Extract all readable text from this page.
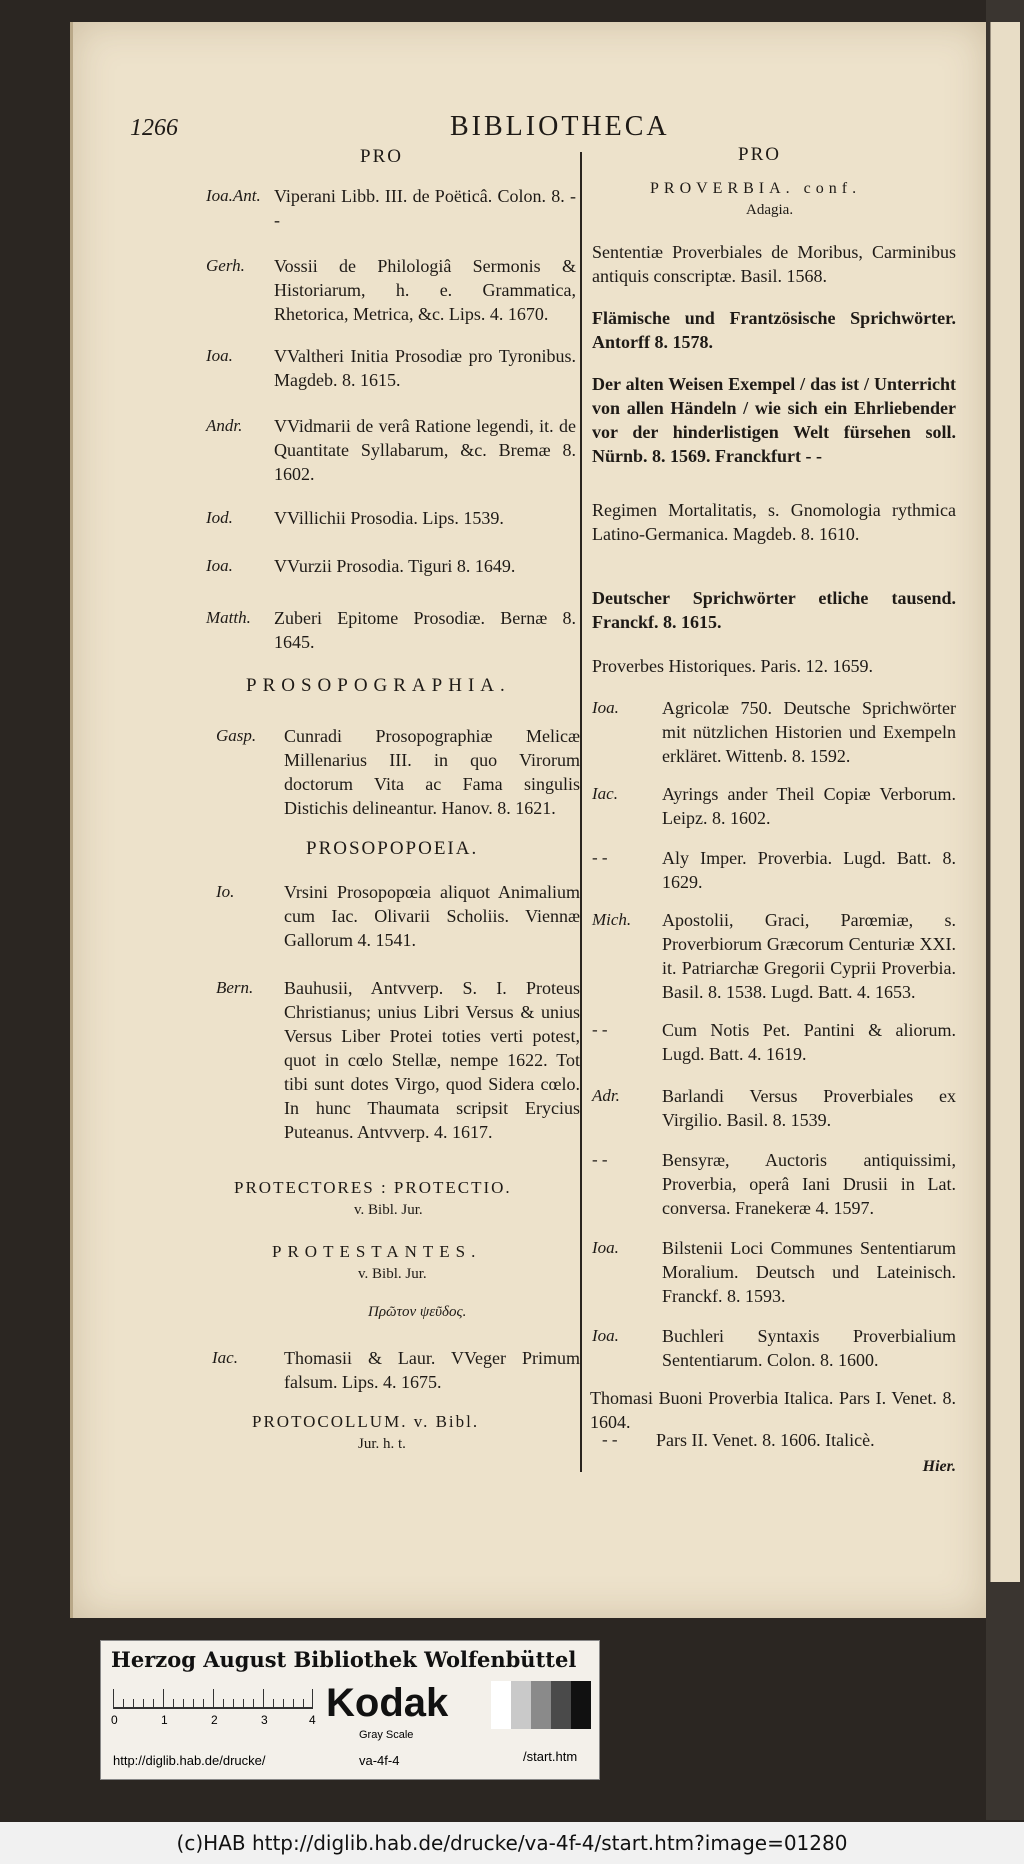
1266	BIBLIOTHECA
PRO
Ioa.Ant. Viperani Libb. III. de Poëticâ. Colon. 8. - -
Gerh. Vossii de Philologiâ Sermonis & Historiarum, h. e. Grammatica, Rhetorica, Metrica, &c. Lips. 4. 1670.
Ioa. VValtheri Initia Prosodiæ pro Tyronibus. Magdeb. 8. 1615.
Andr. VVidmarii de verâ Ratione legendi, it. de Quantitate Syllabarum, &c. Bremæ 8. 1602.
Iod. VVillichii Prosodia. Lips. 1539.
Ioa. VVurzii Prosodia. Tiguri 8. 1649.
Matth. Zuberi Epitome Prosodiæ. Bernæ 8. 1645.
PROSOPOGRAPHIA.
Gasp. Cunradi Prosopographiæ Melicæ Millenarius III. in quo Virorum doctorum Vita ac Fama singulis Distichis delineantur. Hanov. 8. 1621.
PROSOPOPOEIA.
Io.	Vrsini Prosopopœia aliquot Animalium cum Iac. Olivarii Scholiis. Viennæ Gallorum 4. 1541.
Bern. Bauhusii, Antvverp. S. I. Proteus Christianus; unius Libri Versus & unius Versus Liber Protei toties verti potest, quot in cœlo Stellæ, nempe 1622. Tot tibi sunt dotes Virgo, quod Sidera cœlo. In hunc Thaumata scripsit Erycius Puteanus. Antvverp. 4. 1617.
PROTECTORES : PROTECTIO.
v. Bibl. Jur.
PROTESTANTES.
v. Bibl. Jur.
Πρῶτον ψεῦδος.
Iac.	Thomasii & Laur. VVeger Primum falsum. Lips. 4. 1675.
PROTOCOLLUM. v. Bibl.
Jur. h. t.
PRO
PROVERBIA. conf.
Adagia.
Sententiæ Proverbiales de Moribus, Carminibus antiquis conscriptæ. Basil. 1568.
Flämische und Frantzösische Sprichwörter. Antorff 8. 1578.
Der alten Weisen Exempel / das ist / Unterricht von allen Händeln / wie sich ein Ehrliebender vor der hinderlistigen Welt fürsehen soll. Nürnb. 8. 1569. Franckfurt - -
Regimen Mortalitatis, s. Gnomologia rythmica Latino-Germanica. Magdeb. 8. 1610.
Deutscher Sprichwörter etliche tausend. Franckf. 8. 1615.
Proverbes Historiques. Paris. 12. 1659.
Ioa. Agricolæ 750. Deutsche Sprichwörter mit nützlichen Historien und Exempeln erkläret. Wittenb. 8. 1592.
Iac. Ayrings ander Theil Copiæ Verborum. Leipz. 8. 1602.
- -	Aly Imper. Proverbia. Lugd. Batt. 8. 1629.
Mich. Apostolii, Graci, Parœmiæ, s. Proverbiorum Græcorum Centuriæ XXI. it. Patriarchæ Gregorii Cyprii Proverbia. Basil. 8. 1538. Lugd. Batt. 4. 1653.
- -	Cum Notis Pet. Pantini & aliorum. Lugd. Batt. 4. 1619.
Adr. Barlandi Versus Proverbiales ex Virgilio. Basil. 8. 1539.
- -	Bensyræ, Auctoris antiquissimi, Proverbia, operâ Iani Drusii in Lat. conversa. Franekeræ 4. 1597.
Ioa. Bilstenii Loci Communes Sententiarum Moralium. Deutsch und Lateinisch. Franckf. 8. 1593.
Ioa. Buchleri Syntaxis Proverbialium Sententiarum. Colon. 8. 1600.
Thomasi Buoni Proverbia Italica. Pars I. Venet. 8. 1604.
- - Pars II. Venet. 8. 1606. Italicè.
Hier.
Herzog August Bibliothek Wolfenbüttel
0	1	2	3	4 Kodak
Gray Scale
http://diglib.hab.de/drucke/	va-4f-4	/start.htm
(c)HAB http://diglib.hab.de/drucke/va-4f-4/start.htm?image=01280
